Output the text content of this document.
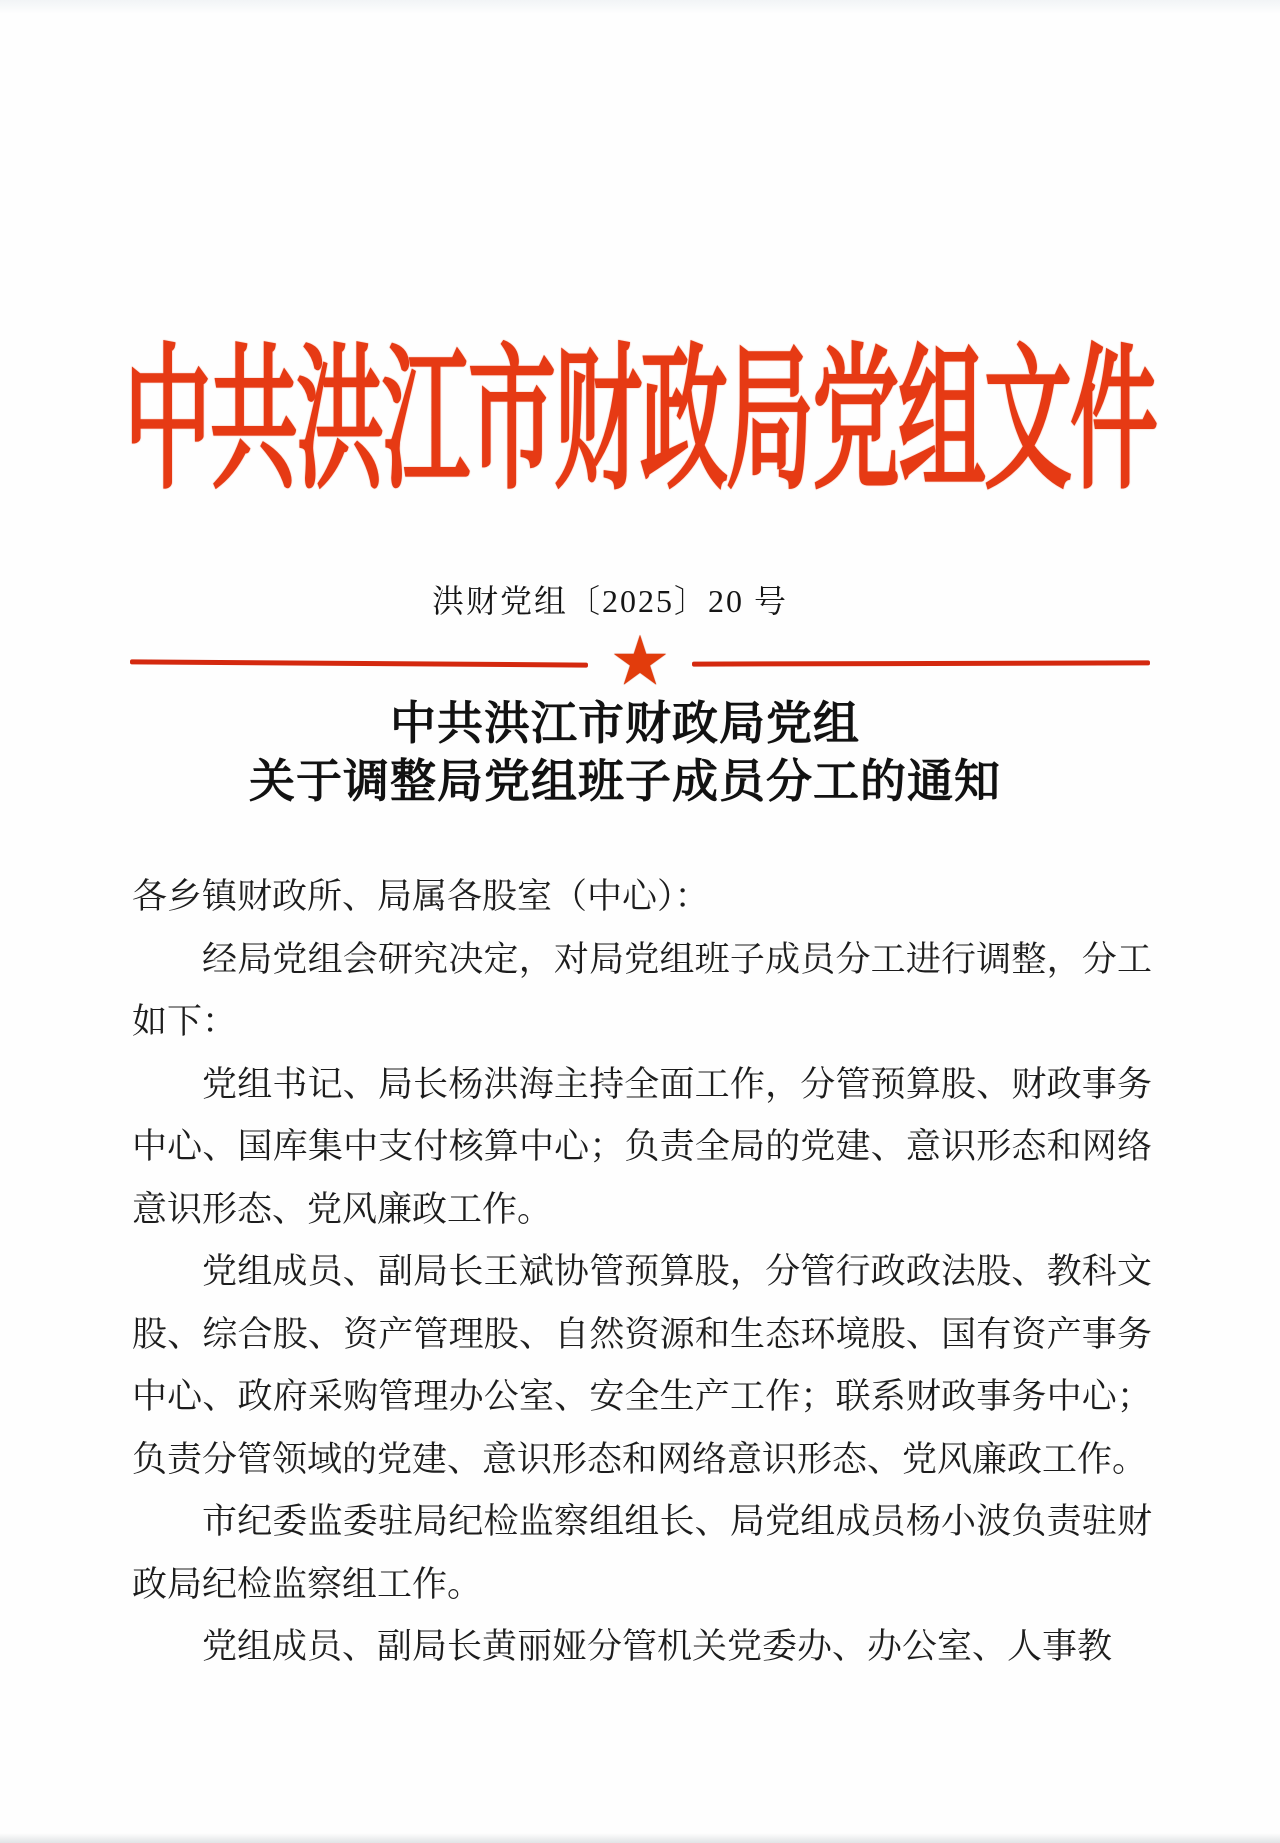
中共洪江市财政局党组文件
洪财党组〔2025〕20 号
★
中共洪江市财政局党组
关于调整局党组班子成员分工的通知

各乡镇财政所、局属各股室（中心）：

经局党组会研究决定，对局党组班子成员分工进行调整，分工如下：

党组书记、局长杨洪海主持全面工作，分管预算股、财政事务中心、国库集中支付核算中心；负责全局的党建、意识形态和网络意识形态、党风廉政工作。

党组成员、副局长王斌协管预算股，分管行政政法股、教科文股、综合股、资产管理股、自然资源和生态环境股、国有资产事务中心、政府采购管理办公室、安全生产工作；联系财政事务中心；负责分管领域的党建、意识形态和网络意识形态、党风廉政工作。

市纪委监委驻局纪检监察组组长、局党组成员杨小波负责驻财政局纪检监察组工作。

党组成员、副局长黄丽娅分管机关党委办、办公室、人事教
